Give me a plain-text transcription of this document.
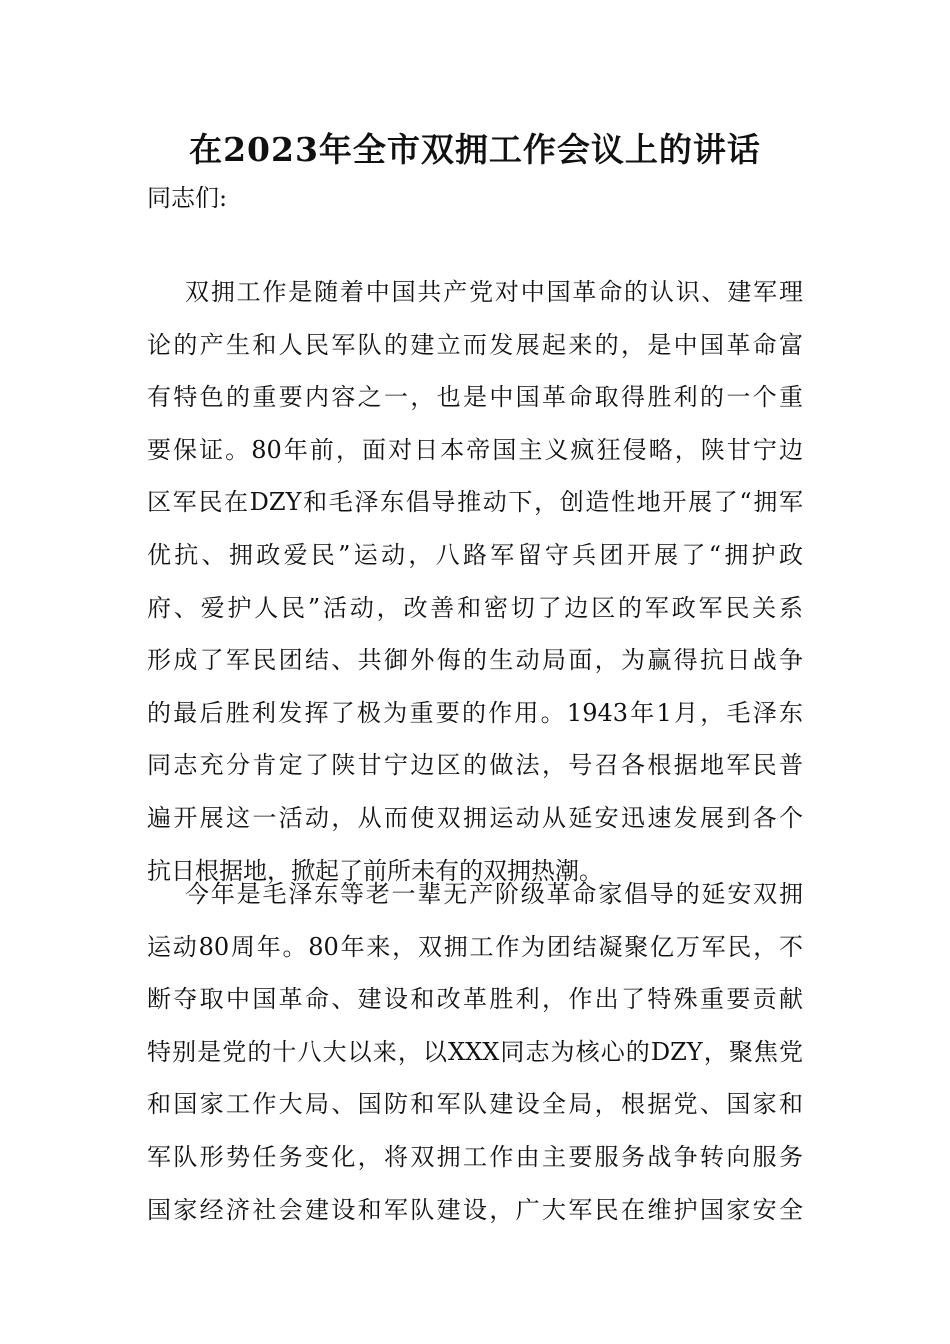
在2023年全市双拥工作会议上的讲话

同志们:

双拥工作是随着中国共产党对中国革命的认识、建军理
论的产生和人民军队的建立而发展起来的，是中国革命富
有特色的重要内容之一，也是中国革命取得胜利的一个重
要保证。80年前，面对日本帝国主义疯狂侵略，陕甘宁边
区军民在DZY和毛泽东倡导推动下，创造性地开展了“拥军
优抗、拥政爱民”运动，八路军留守兵团开展了“拥护政
府、爱护人民”活动，改善和密切了边区的军政军民关系
形成了军民团结、共御外侮的生动局面，为赢得抗日战争
的最后胜利发挥了极为重要的作用。1943年1月，毛泽东
同志充分肯定了陕甘宁边区的做法，号召各根据地军民普
遍开展这一活动，从而使双拥运动从延安迅速发展到各个
抗日根据地，掀起了前所未有的双拥热潮。
今年是毛泽东等老一辈无产阶级革命家倡导的延安双拥
运动80周年。80年来，双拥工作为团结凝聚亿万军民，不
断夺取中国革命、建设和改革胜利，作出了特殊重要贡献
特别是党的十八大以来，以XXX同志为核心的DZY，聚焦党
和国家工作大局、国防和军队建设全局，根据党、国家和
军队形势任务变化，将双拥工作由主要服务战争转向服务
国家经济社会建设和军队建设，广大军民在维护国家安全
